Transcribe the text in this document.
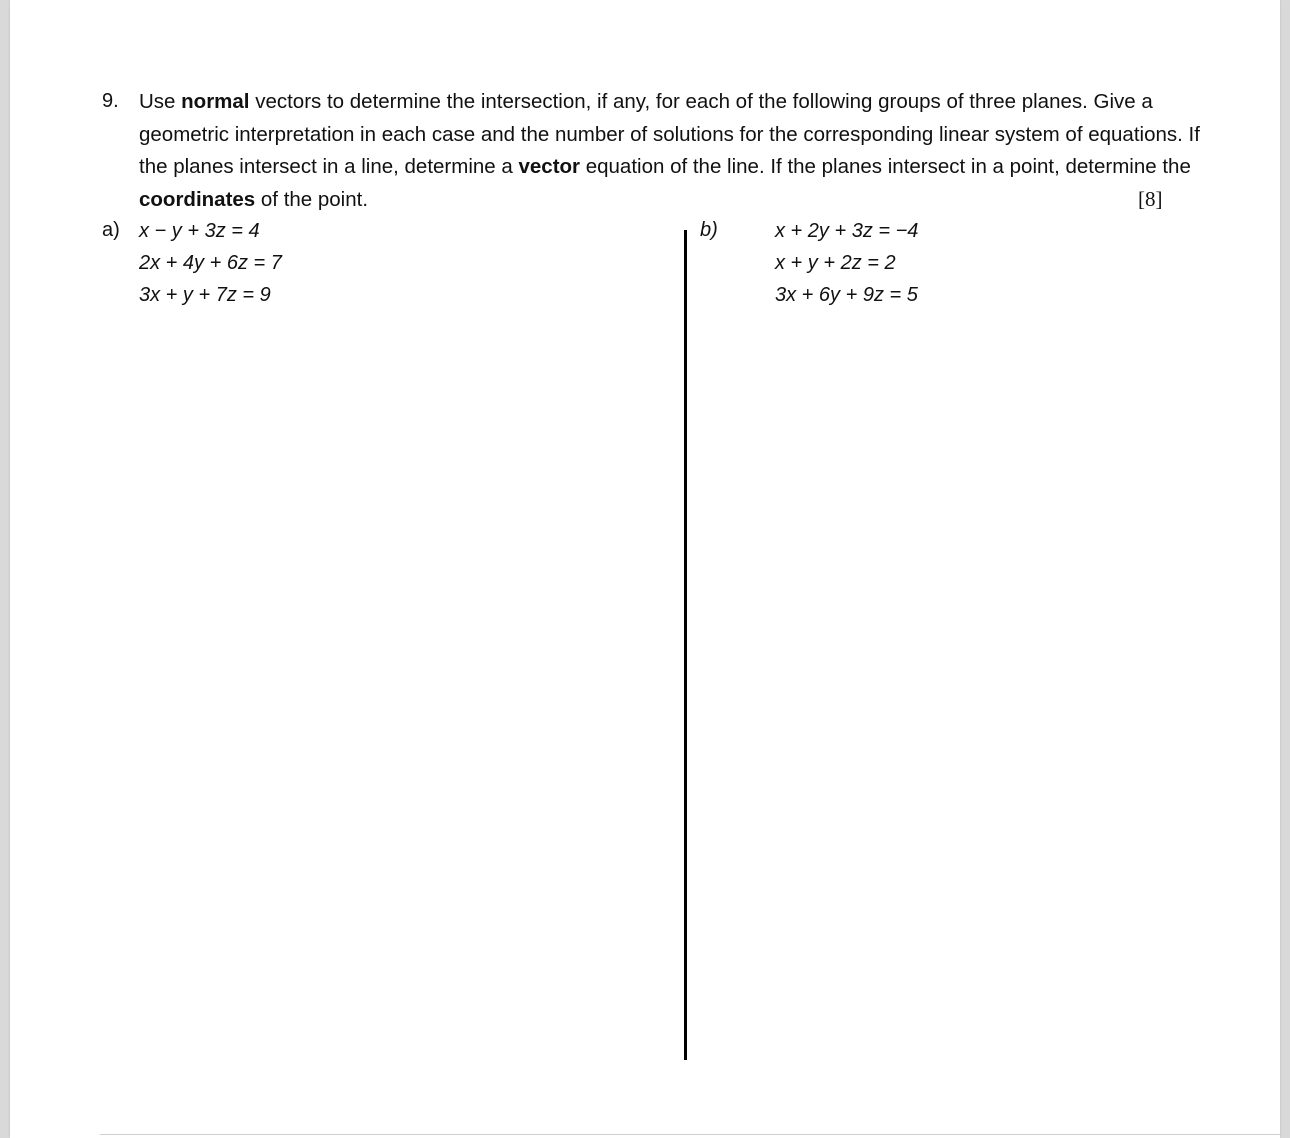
9. Use normal vectors to determine the intersection, if any, for each of the following groups of three planes. Give a geometric interpretation in each case and the number of solutions for the corresponding linear system of equations. If the planes intersect in a line, determine a vector equation of the line. If the planes intersect in a point, determine the coordinates of the point.	[8]
a) x − y + 3z = 4
2x + 4y + 6z = 7
3x + y + 7z = 9
b)	x + 2y + 3z = −4
x + y + 2z = 2
3x + 6y + 9z = 5
